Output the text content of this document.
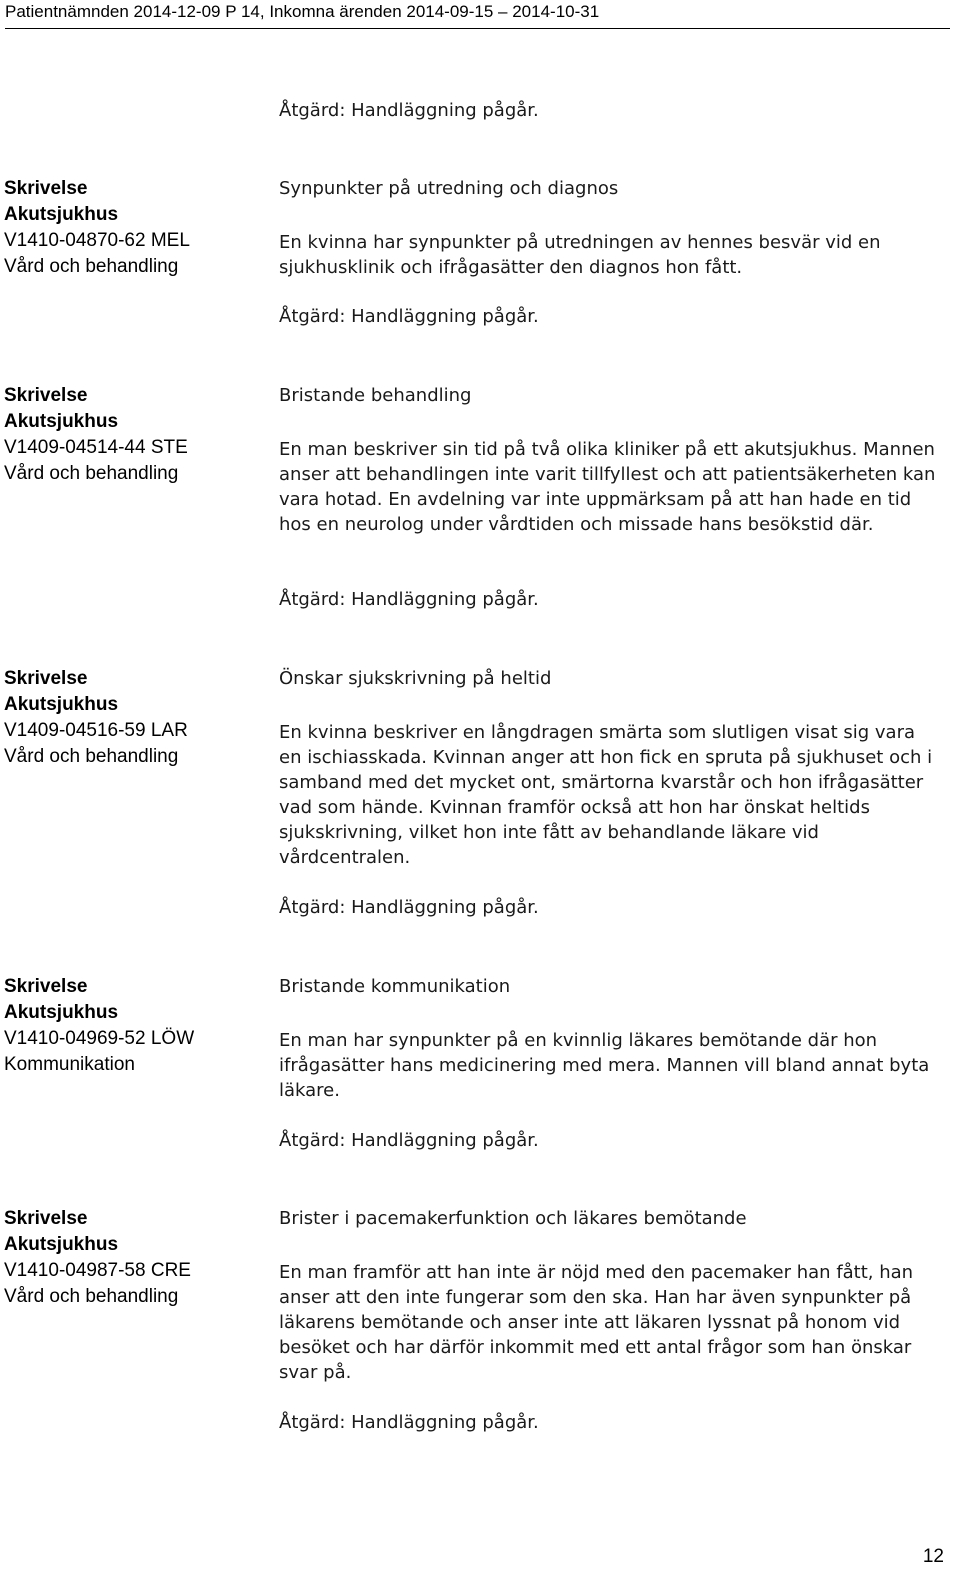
Patientnämnden 2014-12-09 P 14, Inkomna ärenden 2014-09-15 – 2014-10-31
Åtgärd: Handläggning pågår.
Skrivelse
Akutsjukhus
V1410-04870-62 MEL
Vård och behandling
Synpunkter på utredning och diagnos
En kvinna har synpunkter på utredningen av hennes besvär vid en sjukhusklinik och ifrågasätter den diagnos hon fått.
Åtgärd: Handläggning pågår.
Skrivelse
Akutsjukhus
V1409-04514-44 STE
Vård och behandling
Bristande behandling
En man beskriver sin tid på två olika kliniker på ett akutsjukhus. Mannen anser att behandlingen inte varit tillfyllest och att patientsäkerheten kan vara hotad. En avdelning var inte uppmärksam på att han hade en tid hos en neurolog under vårdtiden och missade hans besökstid där.
Åtgärd: Handläggning pågår.
Skrivelse
Akutsjukhus
V1409-04516-59 LAR
Vård och behandling
Önskar sjukskrivning på heltid
En kvinna beskriver en långdragen smärta som slutligen visat sig vara en ischiasskada. Kvinnan anger att hon fick en spruta på sjukhuset och i samband med det mycket ont, smärtorna kvarstår och hon ifrågasätter vad som hände. Kvinnan framför också att hon har önskat heltids sjukskrivning, vilket hon inte fått av behandlande läkare vid vårdcentralen.
Åtgärd: Handläggning pågår.
Skrivelse
Akutsjukhus
V1410-04969-52 LÖW
Kommunikation
Bristande kommunikation
En man har synpunkter på en kvinnlig läkares bemötande där hon ifrågasätter hans medicinering med mera. Mannen vill bland annat byta läkare.
Åtgärd: Handläggning pågår.
Skrivelse
Akutsjukhus
V1410-04987-58 CRE
Vård och behandling
Brister i pacemakerfunktion och läkares bemötande
En man framför att han inte är nöjd med den pacemaker han fått, han anser att den inte fungerar som den ska. Han har även synpunkter på läkarens bemötande och anser inte att läkaren lyssnat på honom vid besöket och har därför inkommit med ett antal frågor som han önskar svar på.
Åtgärd: Handläggning pågår.
12
